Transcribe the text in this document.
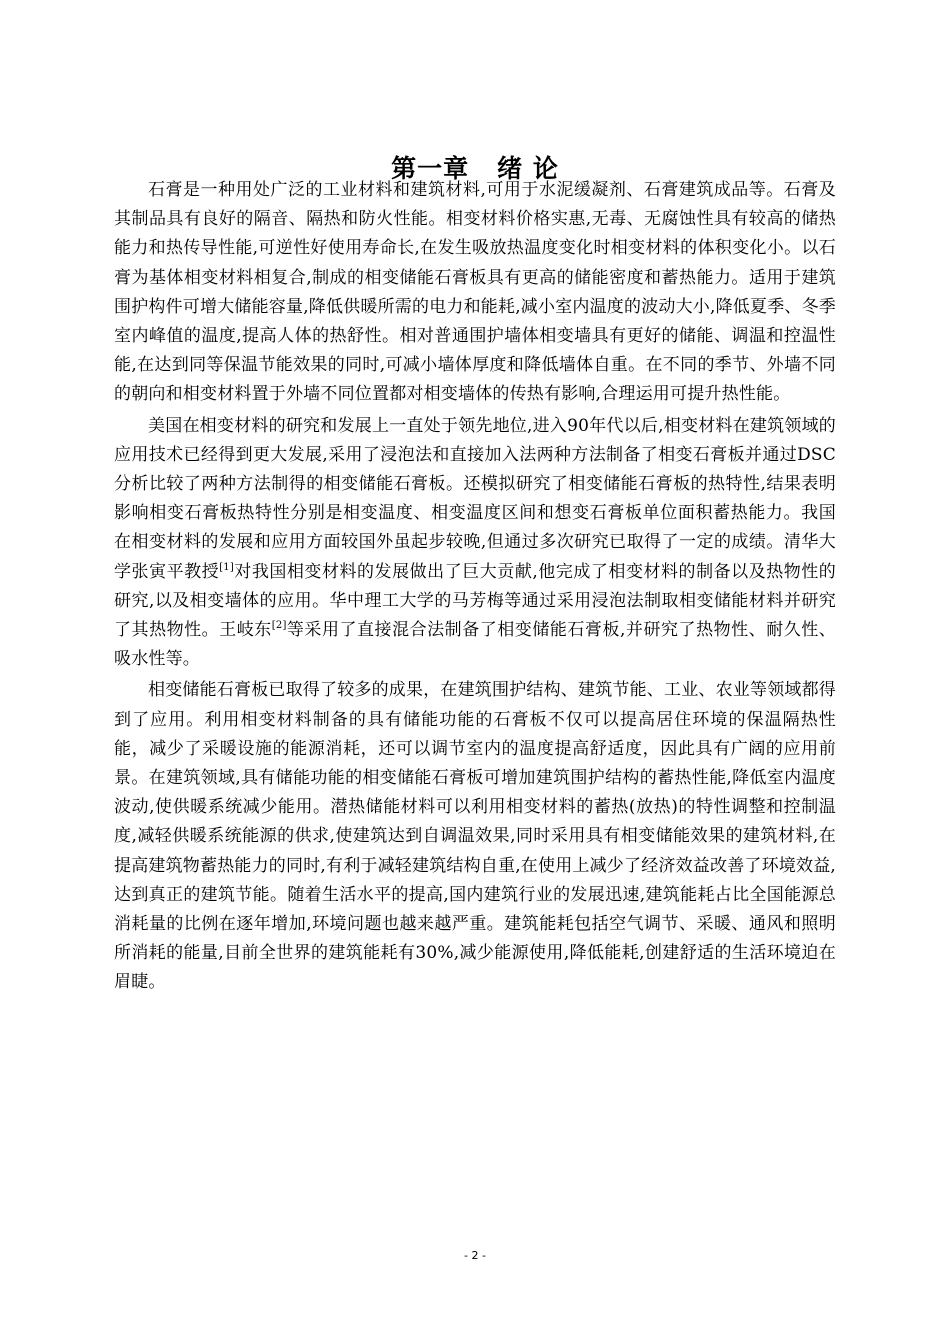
第一章 绪 论

石膏是一种用处广泛的工业材料和建筑材料,可用于水泥缓凝剂、石膏建筑成品等。石膏及其制品具有良好的隔音、隔热和防火性能。相变材料价格实惠,无毒、无腐蚀性具有较高的储热能力和热传导性能,可逆性好使用寿命长,在发生吸放热温度变化时相变材料的体积变化小。以石膏为基体相变材料相复合,制成的相变储能石膏板具有更高的储能密度和蓄热能力。适用于建筑围护构件可增大储能容量,降低供暖所需的电力和能耗,减小室内温度的波动大小,降低夏季、冬季室内峰值的温度,提高人体的热舒性。相对普通围护墙体相变墙具有更好的储能、调温和控温性能,在达到同等保温节能效果的同时,可减小墙体厚度和降低墙体自重。在不同的季节、外墙不同的朝向和相变材料置于外墙不同位置都对相变墙体的传热有影响,合理运用可提升热性能。

美国在相变材料的研究和发展上一直处于领先地位,进入90年代以后,相变材料在建筑领域的应用技术已经得到更大发展,采用了浸泡法和直接加入法两种方法制备了相变石膏板并通过DSC分析比较了两种方法制得的相变储能石膏板。还模拟研究了相变储能石膏板的热特性,结果表明影响相变石膏板热特性分别是相变温度、相变温度区间和想变石膏板单位面积蓄热能力。我国在相变材料的发展和应用方面较国外虽起步较晚,但通过多次研究已取得了一定的成绩。清华大学张寅平教授[1]对我国相变材料的发展做出了巨大贡献,他完成了相变材料的制备以及热物性的研究,以及相变墙体的应用。华中理工大学的马芳梅等通过采用浸泡法制取相变储能材料并研究了其热物性。王岐东[2]等采用了直接混合法制备了相变储能石膏板,并研究了热物性、耐久性、吸水性等。

相变储能石膏板已取得了较多的成果，在建筑围护结构、建筑节能、工业、农业等领域都得到了应用。利用相变材料制备的具有储能功能的石膏板不仅可以提高居住环境的保温隔热性能，减少了采暖设施的能源消耗，还可以调节室内的温度提高舒适度，因此具有广阔的应用前景。在建筑领域,具有储能功能的相变储能石膏板可增加建筑围护结构的蓄热性能,降低室内温度波动,使供暖系统减少能用。潜热储能材料可以利用相变材料的蓄热(放热)的特性调整和控制温度,减轻供暖系统能源的供求,使建筑达到自调温效果,同时采用具有相变储能效果的建筑材料,在提高建筑物蓄热能力的同时,有利于减轻建筑结构自重,在使用上减少了经济效益改善了环境效益,达到真正的建筑节能。随着生活水平的提高,国内建筑行业的发展迅速,建筑能耗占比全国能源总消耗量的比例在逐年增加,环境问题也越来越严重。建筑能耗包括空气调节、采暖、通风和照明所消耗的能量,目前全世界的建筑能耗有30%,减少能源使用,降低能耗,创建舒适的生活环境迫在眉睫。

- 2 -
